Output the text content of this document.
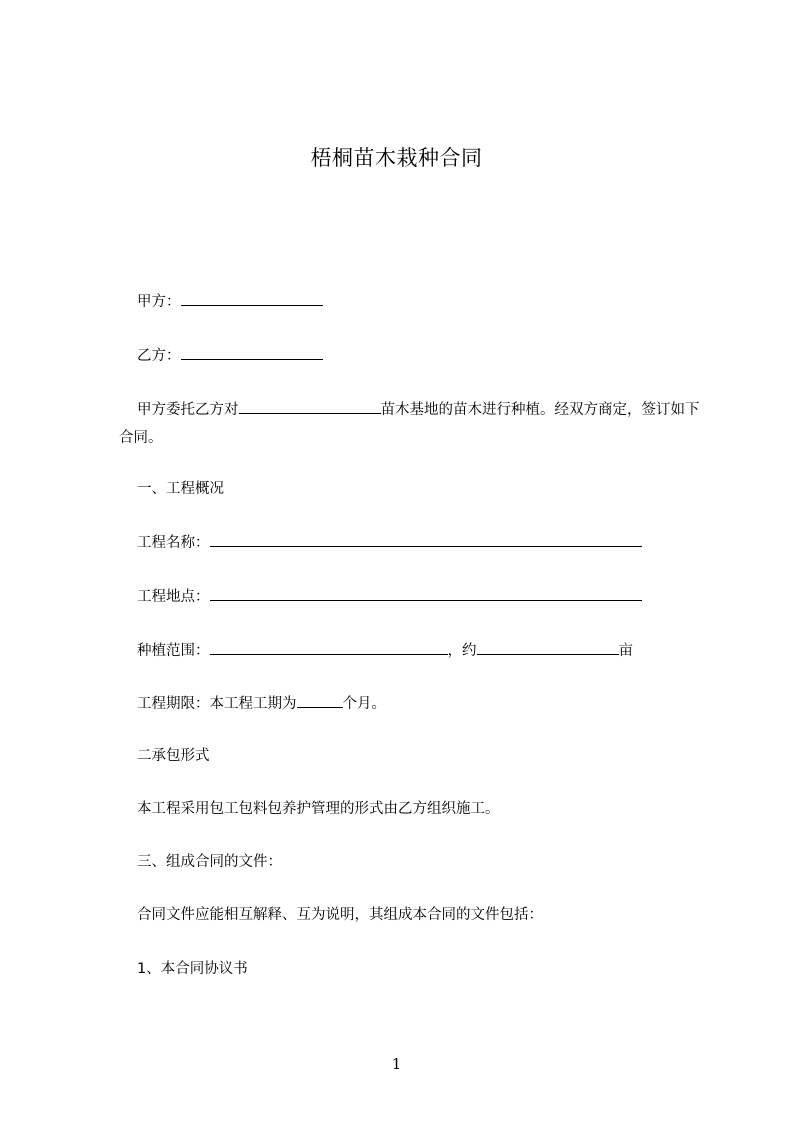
梧桐苗木栽种合同
甲方：
乙方：
甲方委托乙方对	苗木基地的苗木进行种植。经双方商定，签订如下合同。
一、工程概况
工程名称：
工程地点：
种植范围：	，约	亩
工程期限：本工程工期为	个月。
二承包形式
本工程采用包工包料包养护管理的形式由乙方组织施工。
三、组成合同的文件：
合同文件应能相互解释、互为说明，其组成本合同的文件包括：
1、本合同协议书
1
